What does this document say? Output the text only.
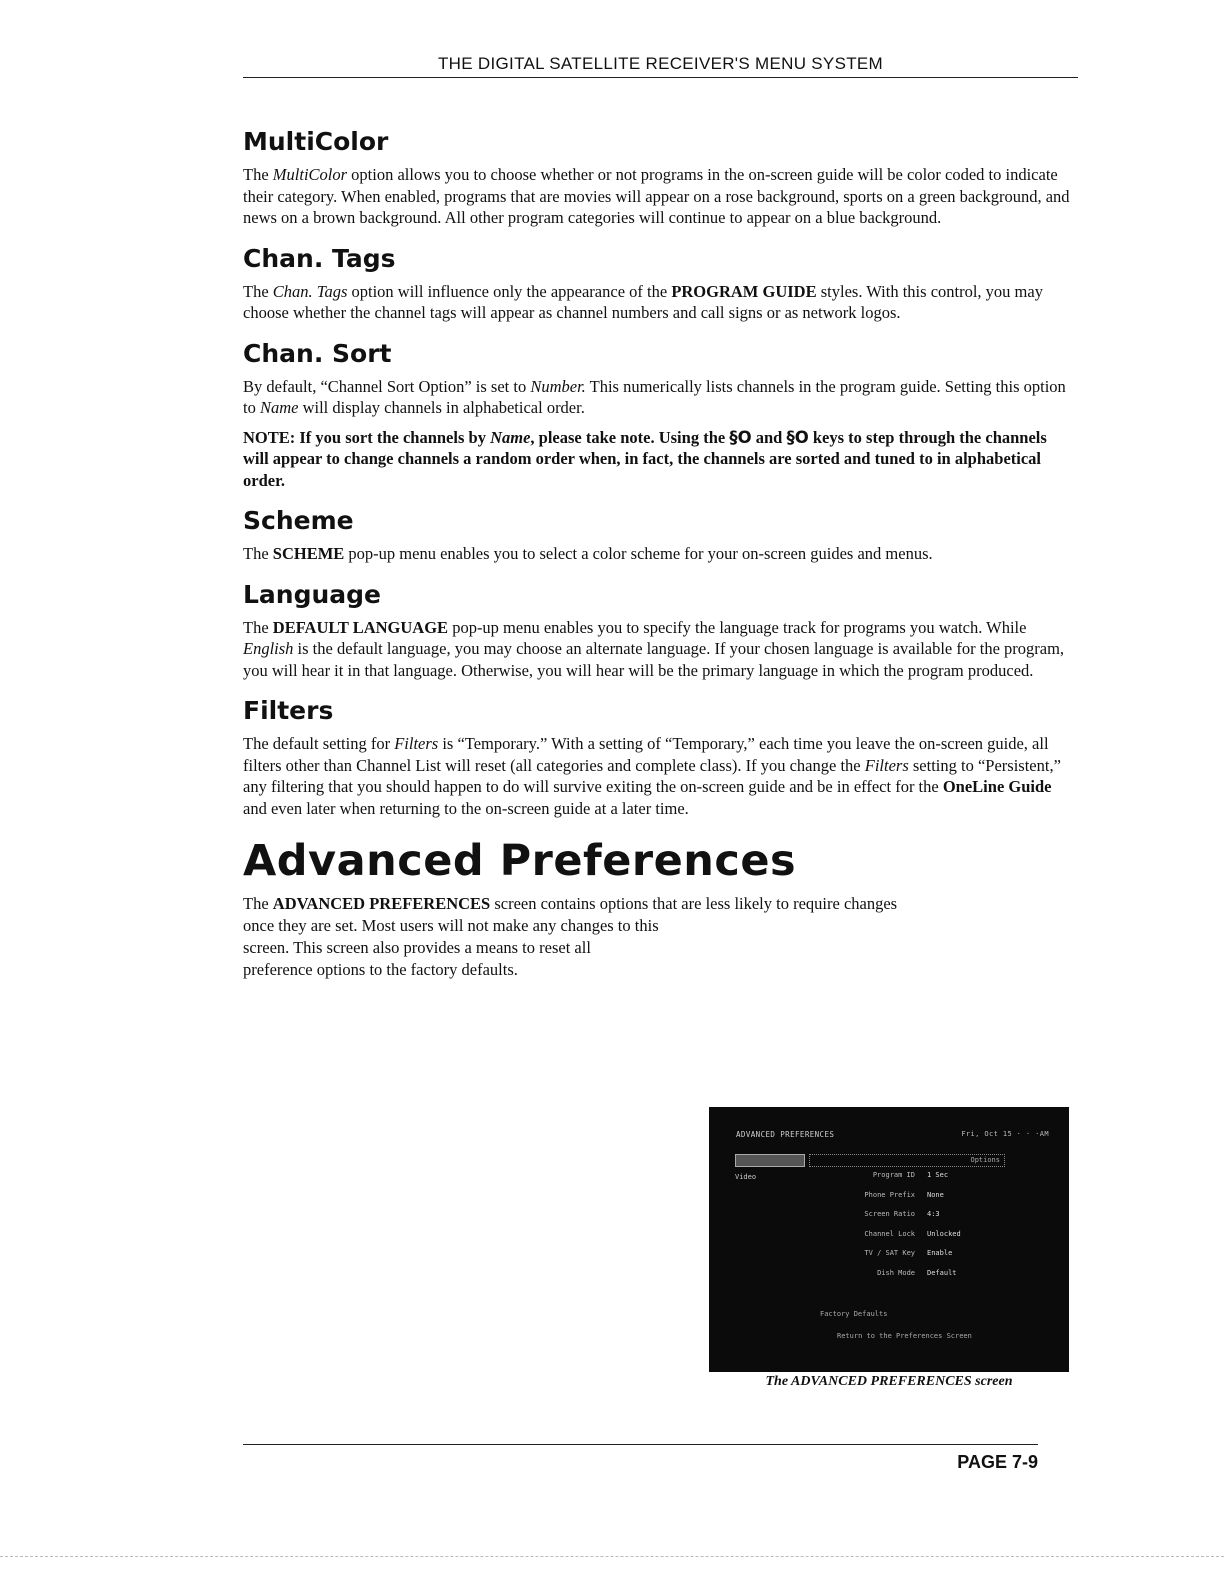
THE DIGITAL SATELLITE RECEIVER'S MENU SYSTEM
MultiColor

The MultiColor option allows you to choose whether or not programs in the on-screen guide will be color coded to indicate their category. When enabled, programs that are movies will appear on a rose background, sports on a green background, and news on a brown background. All other program categories will continue to appear on a blue background.

Chan. Tags

The Chan. Tags option will influence only the appearance of the PROGRAM GUIDE styles. With this control, you may choose whether the channel tags will appear as channel numbers and call signs or as network logos.

Chan. Sort

By default, “Channel Sort Option” is set to Number. This numerically lists channels in the program guide. Setting this option to Name will display channels in alphabetical order.

NOTE: If you sort the channels by Name, please take note. Using the §O and §O keys to step through the channels will appear to change channels a random order when, in fact, the channels are sorted and tuned to in alphabetical order.

Scheme

The SCHEME pop-up menu enables you to select a color scheme for your on-screen guides and menus.

Language

The DEFAULT LANGUAGE pop-up menu enables you to specify the language track for programs you watch. While English is the default language, you may choose an alternate language. If your chosen language is available for the program, you will hear it in that language. Otherwise, you will hear will be the primary language in which the program produced.

Filters

The default setting for Filters is “Temporary.” With a setting of “Temporary,” each time you leave the on-screen guide, all filters other than Channel List will reset (all categories and complete class). If you change the Filters setting to “Persistent,” any filtering that you should happen to do will survive exiting the on-screen guide and be in effect for the OneLine Guide and even later when returning to the on-screen guide at a later time.

Advanced Preferences

The ADVANCED PREFERENCES screen contains options that are less likely to require changes

once they are set. Most users will not make any changes to this screen. This screen also provides a means to reset all preference options to the factory defaults.

ADVANCED PREFERENCES	Fri, Oct 15 · · ·AM
Video
Options
Program ID	1 Sec
Phone Prefix	None
Screen Ratio	4:3
Channel Lock	Unlocked
TV / SAT Key	Enable
Dish Mode	Default
Factory Defaults
Return to the Preferences Screen
The ADVANCED PREFERENCES screen
PAGE 7-9
